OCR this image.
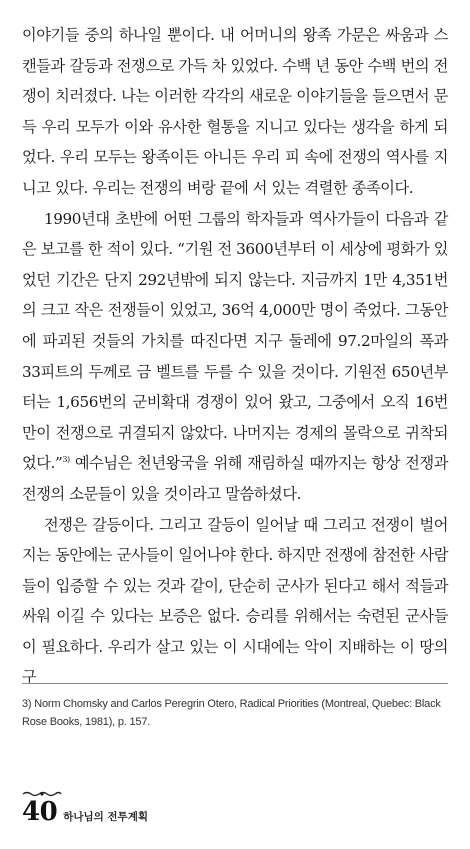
이야기들 중의 하나일 뿐이다. 내 어머니의 왕족 가문은 싸움과 스캔들과 갈등과 전쟁으로 가득 차 있었다. 수백 년 동안 수백 번의 전쟁이 치러졌다. 나는 이러한 각각의 새로운 이야기들을 들으면서 문득 우리 모두가 이와 유사한 혈통을 지니고 있다는 생각을 하게 되었다. 우리 모두는 왕족이든 아니든 우리 피 속에 전쟁의 역사를 지니고 있다. 우리는 전쟁의 벼랑 끝에 서 있는 격렬한 종족이다.

1990년대 초반에 어떤 그룹의 학자들과 역사가들이 다음과 같은 보고를 한 적이 있다. “기원 전 3600년부터 이 세상에 평화가 있었던 기간은 단지 292년밖에 되지 않는다. 지금까지 1만 4,351번의 크고 작은 전쟁들이 있었고, 36억 4,000만 명이 죽었다. 그동안에 파괴된 것들의 가치를 따진다면 지구 둘레에 97.2마일의 폭과 33피트의 두께로 금 벨트를 두를 수 있을 것이다. 기원전 650년부터는 1,656번의 군비확대 경쟁이 있어 왔고, 그중에서 오직 16번만이 전쟁으로 귀결되지 않았다. 나머지는 경제의 몰락으로 귀착되었다.”$^{3)}$ 예수님은 천년왕국을 위해 재림하실 때까지는 항상 전쟁과 전쟁의 소문들이 있을 것이라고 말씀하셨다.

전쟁은 갈등이다. 그리고 갈등이 일어날 때 그리고 전쟁이 벌어지는 동안에는 군사들이 일어나야 한다. 하지만 전쟁에 참전한 사람들이 입증할 수 있는 것과 같이, 단순히 군사가 된다고 해서 적들과 싸워 이길 수 있다는 보증은 없다. 승리를 위해서는 숙련된 군사들이 필요하다. 우리가 살고 있는 이 시대에는 악이 지배하는 이 땅의 구

3) Norm Chomsky and Carlos Peregrin Otero, Radical Priorities (Montreal, Quebec: Black Rose Books, 1981), p. 157.
40 하나님의 전투계획
